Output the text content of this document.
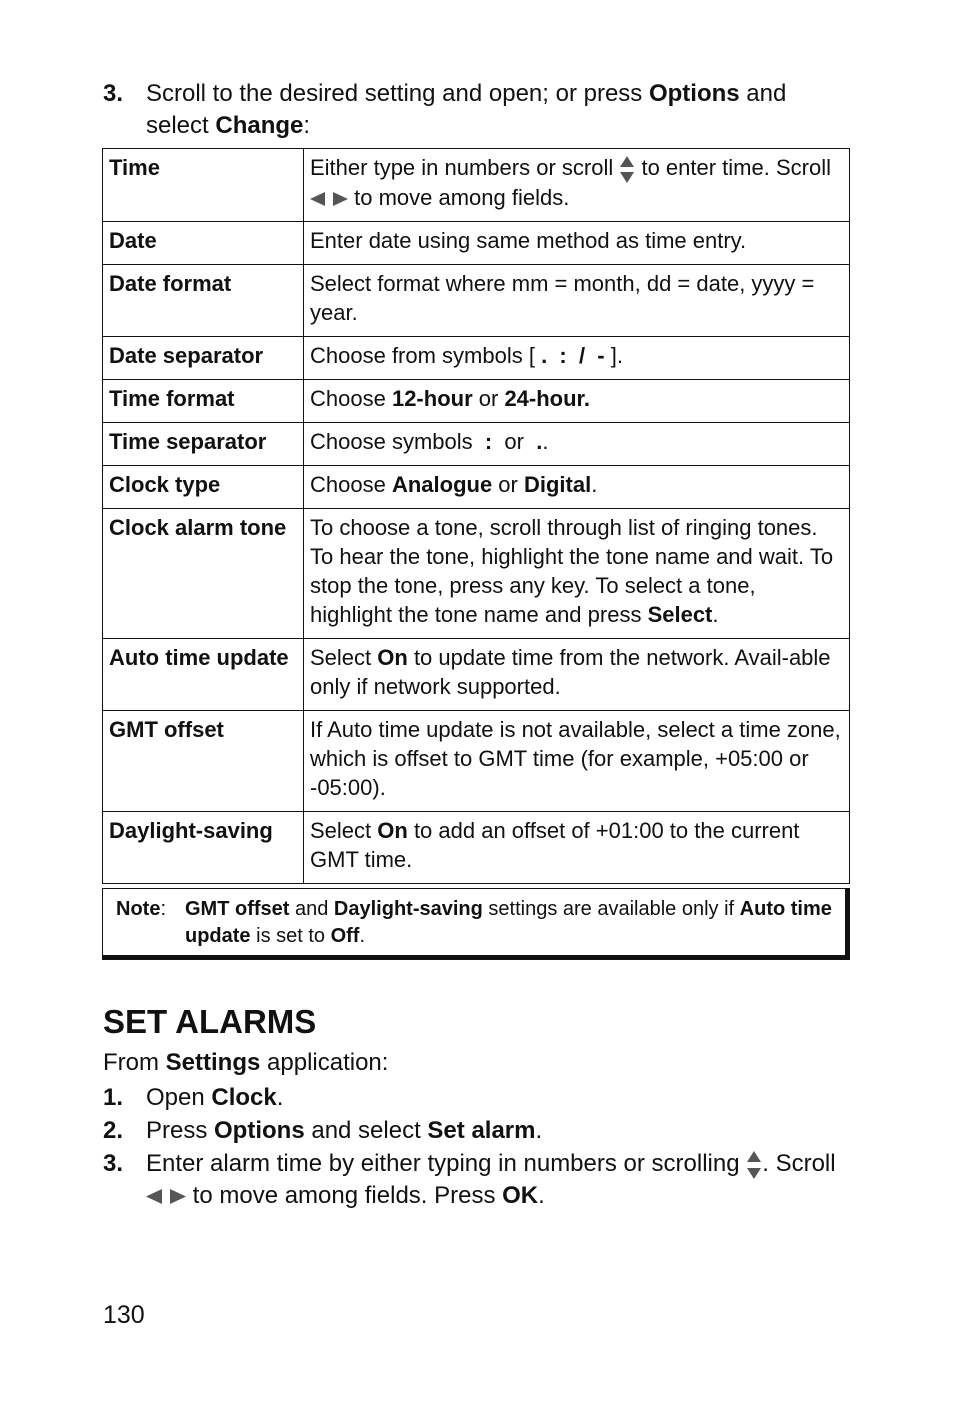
3. Scroll to the desired setting and open; or press Options and select Change:
Time	Either type in numbers or scroll
to enter time. Scroll
to move among fields.
Date	Enter date using same method as time entry.
Date format	Select format where mm = month, dd = date, yyyy = year.
Date separator	Choose from symbols [ .  :  /  - ].
Time format	Choose 12-hour or 24-hour.
Time separator	Choose symbols  :  or  ..
Clock type	Choose Analogue or Digital.
Clock alarm tone	To choose a tone, scroll through list of ringing tones. To hear the tone, highlight the tone name and wait. To stop the tone, press any key. To select a tone, highlight the tone name and press Select.
Auto time update	Select On to update time from the network. Avail-able only if network supported.
GMT offset	If Auto time update is not available, select a time zone, which is offset to GMT time (for example, +05:00 or -05:00).
Daylight-saving	Select On to add an offset of +01:00 to the current GMT time.
Note: GMT offset and Daylight-saving settings are available only if Auto time update is set to Off.
SET ALARMS
From Settings application:
1. Open Clock.
2. Press Options and select Set alarm.
3. Enter alarm time by either typing in numbers or scrolling
. Scroll
to move among fields. Press OK.
130
